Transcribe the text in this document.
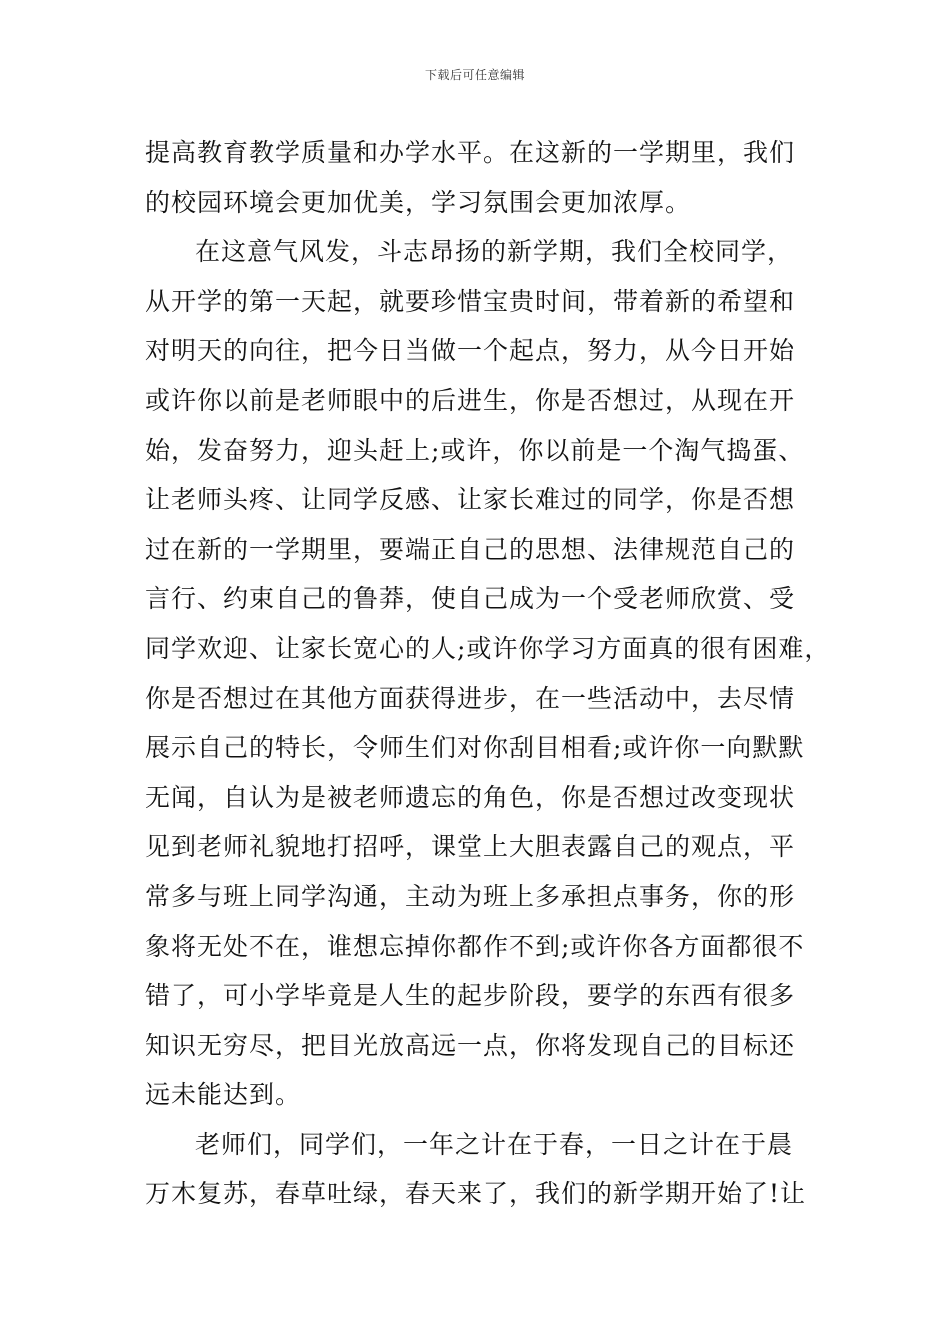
下载后可任意编辑
提高教育教学质量和办学水平。在这新的一学期里，我们
的校园环境会更加优美，学习氛围会更加浓厚。
在这意气风发，斗志昂扬的新学期，我们全校同学，
从开学的第一天起，就要珍惜宝贵时间，带着新的希望和
对明天的向往，把今日当做一个起点，努力，从今日开始
或许你以前是老师眼中的后进生，你是否想过，从现在开
始，发奋努力，迎头赶上;或许，你以前是一个淘气捣蛋、
让老师头疼、让同学反感、让家长难过的同学，你是否想
过在新的一学期里，要端正自己的思想、法律规范自己的
言行、约束自己的鲁莽，使自己成为一个受老师欣赏、受
同学欢迎、让家长宽心的人;或许你学习方面真的很有困难，
你是否想过在其他方面获得进步，在一些活动中，去尽情
展示自己的特长，令师生们对你刮目相看;或许你一向默默
无闻，自认为是被老师遗忘的角色，你是否想过改变现状
见到老师礼貌地打招呼，课堂上大胆表露自己的观点，平
常多与班上同学沟通，主动为班上多承担点事务，你的形
象将无处不在，谁想忘掉你都作不到;或许你各方面都很不
错了，可小学毕竟是人生的起步阶段，要学的东西有很多
知识无穷尽，把目光放高远一点，你将发现自己的目标还
远未能达到。
老师们，同学们，一年之计在于春，一日之计在于晨
万木复苏，春草吐绿，春天来了，我们的新学期开始了!让
